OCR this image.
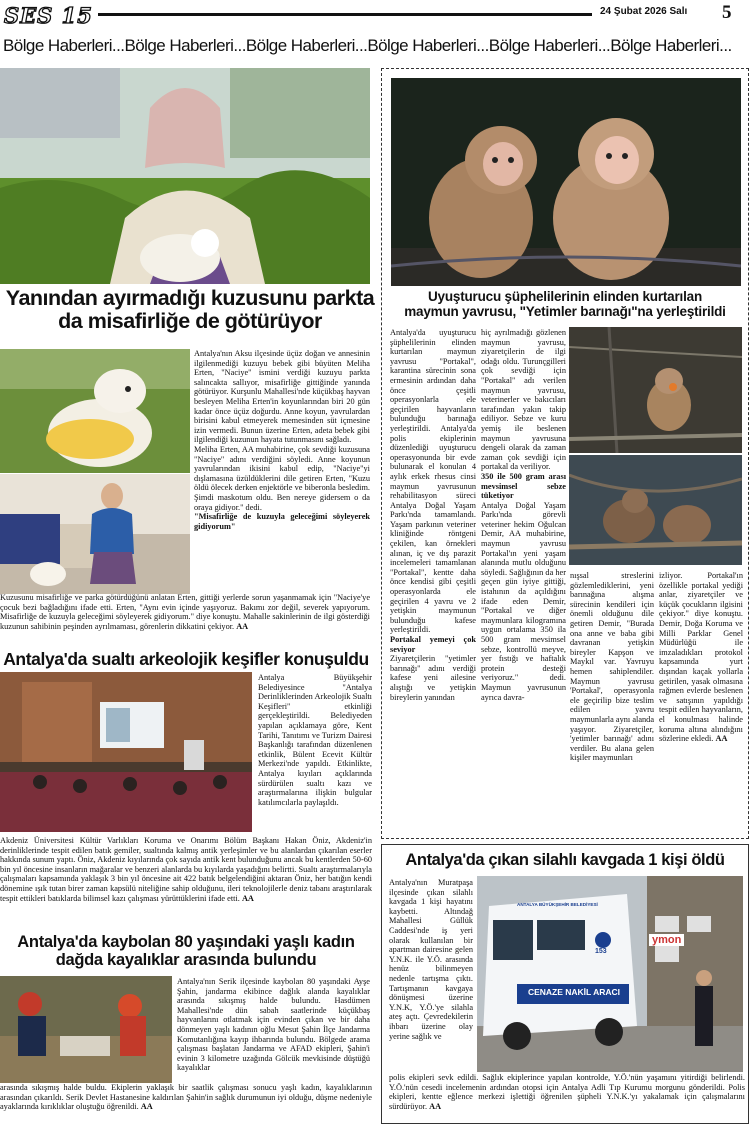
SES 15	24 Şubat 2026 Salı 5
Bölge Haberleri...Bölge Haberleri...Bölge Haberleri...Bölge Haberleri...Bölge Haberleri...Bölge Haberleri...
Yanından ayırmadığı kuzusunu parkta
da misafirliğe de götürüyor

Antalya'nın Aksu ilçesinde üçüz doğan ve annesinin ilgilenmediği kuzuyu bebek gibi büyüten Meliha Erten, "Naciye" ismini verdiği kuzuyu parkta salıncakta sallıyor, misafirliğe gittiğinde yanında götürüyor. Kurşunlu Mahallesi'nde küçükbaş hayvan besleyen Meliha Erten'in koyunlarından biri 20 gün kadar önce üçüz doğurdu. Anne koyun, yavrulardan birisini kabul etmeyerek memesinden süt içmesine izin vermedi. Bunun üzerine Erten, adeta bebek gibi ilgilendiği kuzunun hayata tutunmasını sağladı.

Meliha Erten, AA muhabirine, çok sevdiği kuzusuna "Naciye" adını verdiğini söyledi. Anne koyunun yavrularından ikisini kabul edip, "Naciye"yi dışlamasına üzüldüklerini dile getiren Erten, "Kuzu öldü ölecek derken enjektörle ve biberonla besledim. Şimdi maskotum oldu. Ben nereye gidersem o da oraya gidiyor." dedi.

"Misafirliğe de kuzuyla geleceğimi söyleyerek gidiyorum"

Kuzusunu misafirliğe ve parka götürdüğünü anlatan Erten, gittiği yerlerde sorun yaşanmamak için "Naciye'ye çocuk bezi bağladığını ifade etti. Erten, "Aynı evin içinde yaşıyoruz. Bakımı zor değil, severek yapıyorum. Misafirliğe de kuzuyla geleceğimi söyleyerek gidiyorum." diye konuştu. Mahalle sakinlerinin de ilgi gösterdiği kuzunun sahibinin peşinden ayrılmaması, görenlerin dikkatini çekiyor. AA
Antalya'da sualtı arkeolojik keşifler konuşuldu
Antalya Büyükşehir Belediyesince "Antalya Derinliklerinden Arkeolojik Sualtı Keşifleri" etkinliği gerçekleştirildi. Belediyeden yapılan açıklamaya göre, Kent Tarihi, Tanıtımı ve Turizm Dairesi Başkanlığı tarafından düzenlenen etkinlik, Bülent Ecevit Kültür Merkezi'nde yapıldı. Etkinlikte, Antalya kıyıları açıklarında sürdürülen sualtı kazı ve araştırmalarına ilişkin bulgular katılımcılarla paylaşıldı.
Akdeniz Üniversitesi Kültür Varlıkları Koruma ve Onarımı Bölüm Başkanı Hakan Öniz, Akdeniz'in derinliklerinde tespit edilen batık gemiler, sualtında kalmış antik yerleşimler ve bu alanlardan çıkarılan eserler hakkında sunum yaptı. Öniz, Akdeniz kıyılarında çok sayıda antik kent bulunduğunu ancak bu kentlerden 50-60 bin yıl öncesine insanların mağaralar ve benzeri alanlarda bu kıyılarda yaşadığını belirtti. Sualtı araştırmalarıyla çalışmaları kapsamında yaklaşık 3 bin yıl öncesine ait 422 batık belgelendiğini aktaran Öniz, her batığın kendi dönemine ışık tutan birer zaman kapsülü niteliğine sahip olduğunu, ileri teknolojilerle deniz tabanı araştırılarak tespit ettikleri batıklarda bilimsel kazı çalışması yürüttüklerini ifade etti. AA
Antalya'da kaybolan 80 yaşındaki yaşlı kadın
dağda kayalıklar arasında bulundu
Antalya'nın Serik ilçesinde kaybolan 80 yaşındaki Ayşe Şahin, jandarma ekibince dağlık alanda kayalıklar arasında sıkışmış halde bulundu. Hasdümen Mahallesi'nde dün sabah saatlerinde küçükbaş hayvanlarını otlatmak için evinden çıkan ve bir daha dönmeyen yaşlı kadının oğlu Mesut Şahin İlçe Jandarma Komutanlığına kayıp ihbarında bulundu. Bölgede arama çalışması başlatan Jandarma ve AFAD ekipleri, Şahin'i evinin 3 kilometre uzağında Gölcük mevkisinde düştüğü kayalıklar
arasında sıkışmış halde buldu. Ekiplerin yaklaşık bir saatlik çalışması sonucu yaşlı kadın, kayalıklarının arasından çıkarıldı. Serik Devlet Hastanesine kaldırılan Şahin'in sağlık durumunun iyi olduğu, düşme nedeniyle ayaklarında kırıklıklar oluştuğu öğrenildi. AA
Uyuşturucu şüphelilerinin elinden kurtarılan
maymun yavrusu, "Yetimler barınağı"na yerleştirildi

Antalya'da uyuşturucu şüphelilerinin elinden kurtarılan maymun yavrusu "Portakal", karantina sürecinin sona ermesinin ardından daha önce çeşitli operasyonlarla ele geçirilen hayvanların bulunduğu barınağa yerleştirildi. Antalya'da polis ekiplerinin düzenlediği uyuşturucu operasyonunda bir evde bulunarak el konulan 4 aylık erkek rhesus cinsi maymun yavrusunun rehabilitasyon süreci Antalya Doğal Yaşam Parkı'nda tamamlandı. Yaşam parkının veteriner kliniğinde röntgeni çekilen, kan örnekleri alınan, iç ve dış parazit incelemeleri tamamlanan "Portakal", kentte daha önce kendisi gibi çeşitli operasyonlarda ele geçirilen 4 yavru ve 2 yetişkin maymunun bulunduğu kafese yerleştirildi.

Portakal yemeyi çok seviyor

Ziyaretçilerin "yetimler barınağı" adını verdiği kafese yeni ailesine alıştığı ve yetişkin bireylerin yanından

hiç ayrılmadığı gözlenen maymun yavrusu, ziyaretçilerin de ilgi odağı oldu. Turunçgilleri çok sevdiği için "Portakal" adı verilen maymun yavrusu, veterinerler ve bakıcıları tarafından yakın takip ediliyor. Sebze ve kuru yemiş ile beslenen maymun yavrusuna dengeli olarak da zaman zaman çok sevdiği için portakal da veriliyor.

350 ile 500 gram arası mevsimsel sebze tüketiyor

Antalya Doğal Yaşam Parkı'nda görevli veteriner hekim Oğulcan Demir, AA muhabirine, maymun yavrusu Portakal'ın yeni yaşam alanında mutlu olduğunu söyledi. Sağlığının da her geçen gün iyiye gittiği, istahının da açıldığını ifade eden Demir, "Portakal ve diğer maymunlara kilogramına uygun ortalama 350 ila 500 gram mevsimsel sebze, kontrollü meyve, yer fıstığı ve haftalık protein desteği veriyoruz." dedi. Maymun yavrusunun ayrıca davra-

nışsal streslerini gözlemlediklerini, yeni barınağına alışma sürecinin kendileri için önemli olduğunu dile getiren Demir, "Burada ona anne ve baba gibi davranan yetişkin bireyler Kapşon ve Maykıl var. Yavruyu hemen sahiplendiler. Maymun yavrusu 'Portakal', operasyonla ele geçirilip bize teslim edilen yavru maymunlarla aynı alanda yaşıyor. Ziyaretçiler, 'yetimler barınağı' adını verdiler. Bu alana gelen kişiler maymunları

izliyor. Portakal'ın özellikle portakal yediği anlar, ziyaretçiler ve küçük çocukların ilgisini çekiyor." diye konuştu. Demir, Doğa Koruma ve Milli Parklar Genel Müdürlüğü ile imzaladıkları protokol kapsamında yurt dışından kaçak yollarla getirilen, yasak olmasına rağmen evlerde beslenen ve satışının yapıldığı tespit edilen hayvanların, el konulması halinde koruma altına alındığını sözlerine ekledi. AA
Antalya'da çıkan silahlı kavgada 1 kişi öldü
Antalya'nın Muratpaşa ilçesinde çıkan silahlı kavgada 1 kişi hayatını kaybetti. Altındağ Mahallesi Güllük Caddesi'nde iş yeri olarak kullanılan bir apartman dairesine gelen Y.N.K. ile Y.Ö. arasında henüz bilinmeyen nedenle tartışma çıktı. Tartışmanın kavgaya dönüşmesi üzerine Y.N.K, Y.Ö.'ye silahla ateş açtı. Çevredekilerin ihbarı üzerine olay yerine sağlık ve
ANTALYA BÜYÜKŞEHİR BELEDİYESİ
153
CENAZE NAKİL ARACI
ymon
polis ekipleri sevk edildi. Sağlık ekiplerince yapılan kontrolde, Y.Ö.'nün yaşamını yitirdiği belirlendi. Y.Ö.'nün cesedi incelemenin ardından otopsi için Antalya Adli Tıp Kurumu morgunu gönderildi. Polis ekipleri, kentte eğlence merkezi işlettiği öğrenilen şüpheli Y.N.K.'yı yakalamak için çalışmalarını sürdürüyor. AA
